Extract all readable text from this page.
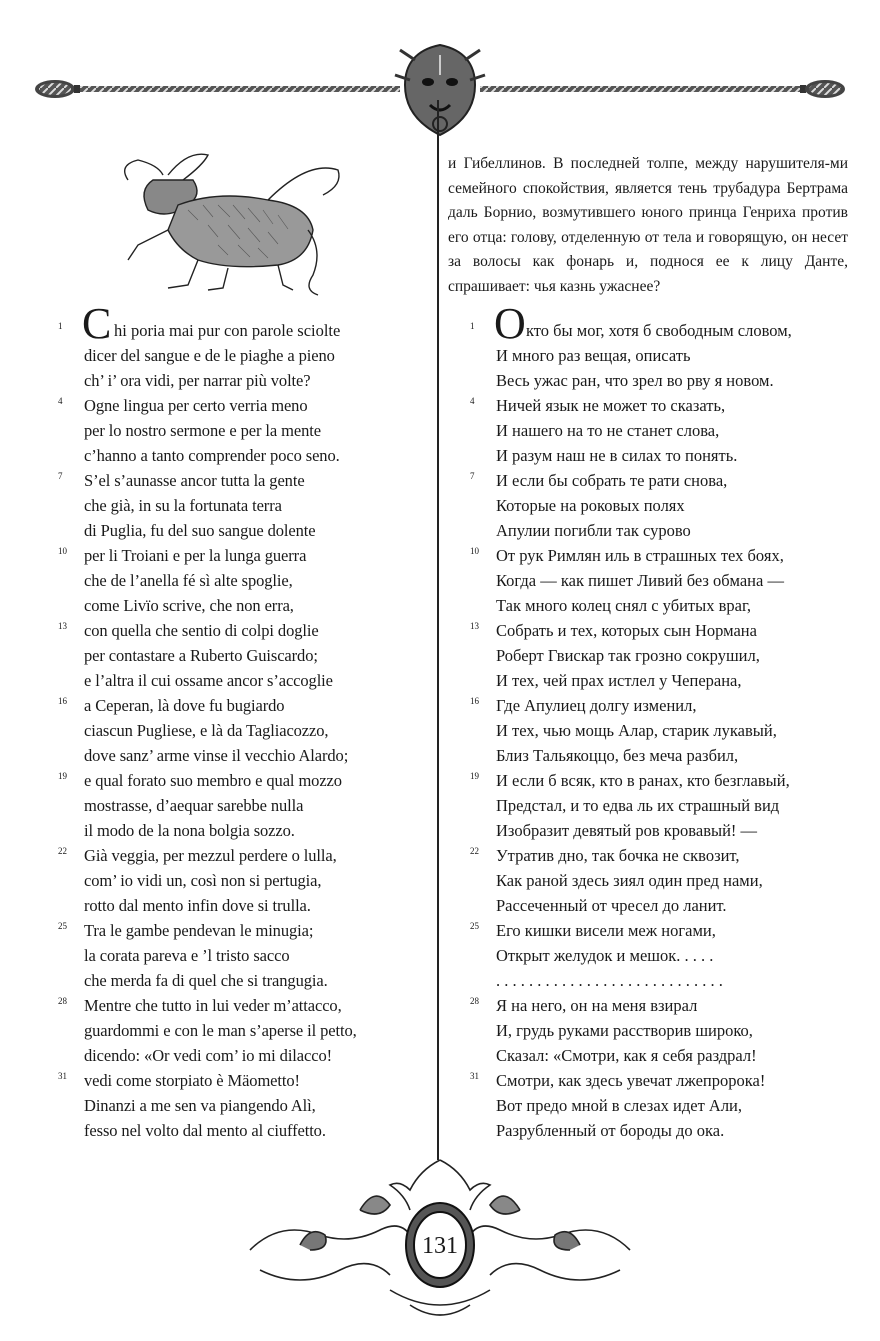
и Гибеллинов. В последней толпе, между нарушителя-ми семейного спокойствия, является тень трубадура Бертрама даль Борнио, возмутившего юного принца Генриха против его отца: голову, отделенную от тела и говорящую, он несет за волосы как фонарь и, поднося ее к лицу Данте, спрашивает: чья казнь ужаснее?

1 C hi poria mai pur con parole sciolte
dicer del sangue e de le piaghe a pieno
ch’ i’ ora vidi, per narrar più volte?
4	Ogne lingua per certo verria meno
per lo nostro sermone e per la mente
c’hanno a tanto comprender poco seno.
7	S’el s’aunasse ancor tutta la gente
che già, in su la fortunata terra
di Puglia, fu del suo sangue dolente
10	per li Troiani e per la lunga guerra
che de l’anella fé sì alte spoglie,
come Livïo scrive, che non erra,
13	con quella che sentio di colpi doglie
per contastare a Ruberto Guiscardo;
e l’altra il cui ossame ancor s’accoglie
16	a Ceperan, là dove fu bugiardo
ciascun Pugliese, e là da Tagliacozzo,
dove sanz’ arme vinse il vecchio Alardo;
19	e qual forato suo membro e qual mozzo
mostrasse, d’aequar sarebbe nulla
il modo de la nona bolgia sozzo.
22	Già veggia, per mezzul perdere o lulla,
com’ io vidi un, così non si pertugia,
rotto dal mento infin dove si trulla.
25	Tra le gambe pendevan le minugia;
la corata pareva e ’l tristo sacco
che merda fa di quel che si trangugia.
28	Mentre che tutto in lui veder m’attacco,
guardommi e con le man s’aperse il petto,
dicendo: «Or vedi com’ io mi dilacco!
31	vedi come storpiato è Mäometto!
Dinanzi a me sen va piangendo Alì,
fesso nel volto dal mento al ciuffetto.
1 О кто бы мог, хотя б свободным словом,
И много раз вещая, описать
Весь ужас ран, что зрел во рву я новом.
4	Ничей язык не может то сказать,
И нашего на то не станет слова,
И разум наш не в силах то понять.
7	И если бы собрать те рати снова,
Которые на роковых полях
Апулии погибли так сурово
10	От рук Римлян иль в страшных тех боях,
Когда — как пишет Ливий без обмана —
Так много колец снял с убитых враг,
13	Собрать и тех, которых сын Нормана
Роберт Гвискар так грозно сокрушил,
И тех, чей прах истлел у Чеперана,
16	Где Апулиец долгу изменил,
И тех, чью мощь Алар, старик лукавый,
Близ Тальякоццо, без меча разбил,
19	И если б всяк, кто в ранах, кто безглавый,
Предстал, и то едва ль их страшный вид
Изобразит девятый ров кровавый! —
22	Утратив дно, так бочка не сквозит,
Как раной здесь зиял один пред нами,
Рассеченный от чресел до ланит.
25	Его кишки висели меж ногами,
Открыт желудок и мешок. . . . .
. . . . . . . . . . . . . . . . . . . . . . . . . . . .
28	Я на него, он на меня взирал
И, грудь руками расстворив широко,
Сказал: «Смотри, как я себя раздрал!
31	Смотри, как здесь увечат лжепророка!
Вот предо мной в слезах идет Али,
Разрубленный от бороды до ока.
131
